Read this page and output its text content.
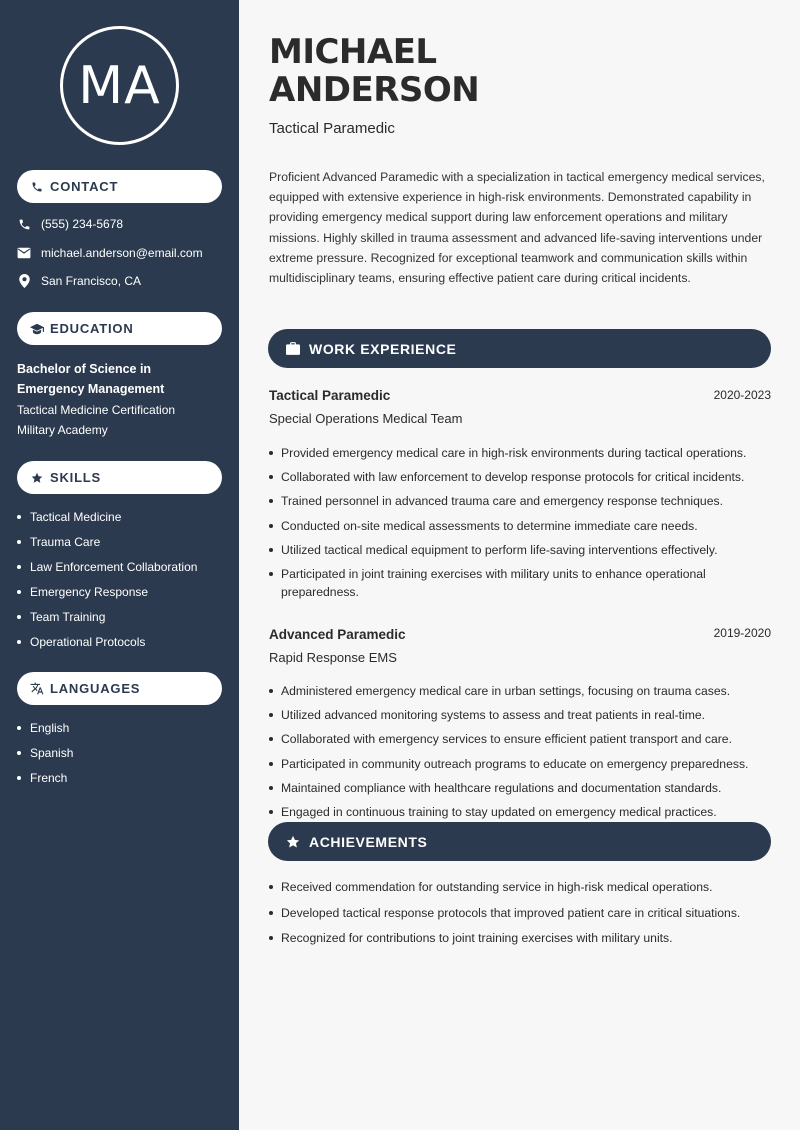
MA
CONTACT
(555) 234-5678
michael.anderson@email.com
San Francisco, CA
EDUCATION
Bachelor of Science in Emergency Management
Tactical Medicine Certification
Military Academy
SKILLS
Tactical Medicine
Trauma Care
Law Enforcement Collaboration
Emergency Response
Team Training
Operational Protocols
LANGUAGES
English
Spanish
French
MICHAEL
ANDERSON
Tactical Paramedic
Proficient Advanced Paramedic with a specialization in tactical emergency medical services, equipped with extensive experience in high-risk environments. Demonstrated capability in providing emergency medical support during law enforcement operations and military missions. Highly skilled in trauma assessment and advanced life-saving interventions under extreme pressure. Recognized for exceptional teamwork and communication skills within multidisciplinary teams, ensuring effective patient care during critical incidents.
WORK EXPERIENCE
Tactical Paramedic	2020-2023
Special Operations Medical Team
Provided emergency medical care in high-risk environments during tactical operations.
Collaborated with law enforcement to develop response protocols for critical incidents.
Trained personnel in advanced trauma care and emergency response techniques.
Conducted on-site medical assessments to determine immediate care needs.
Utilized tactical medical equipment to perform life-saving interventions effectively.
Participated in joint training exercises with military units to enhance operational preparedness.
Advanced Paramedic	2019-2020
Rapid Response EMS
Administered emergency medical care in urban settings, focusing on trauma cases.
Utilized advanced monitoring systems to assess and treat patients in real-time.
Collaborated with emergency services to ensure efficient patient transport and care.
Participated in community outreach programs to educate on emergency preparedness.
Maintained compliance with healthcare regulations and documentation standards.
Engaged in continuous training to stay updated on emergency medical practices.
ACHIEVEMENTS
Received commendation for outstanding service in high-risk medical operations.
Developed tactical response protocols that improved patient care in critical situations.
Recognized for contributions to joint training exercises with military units.
